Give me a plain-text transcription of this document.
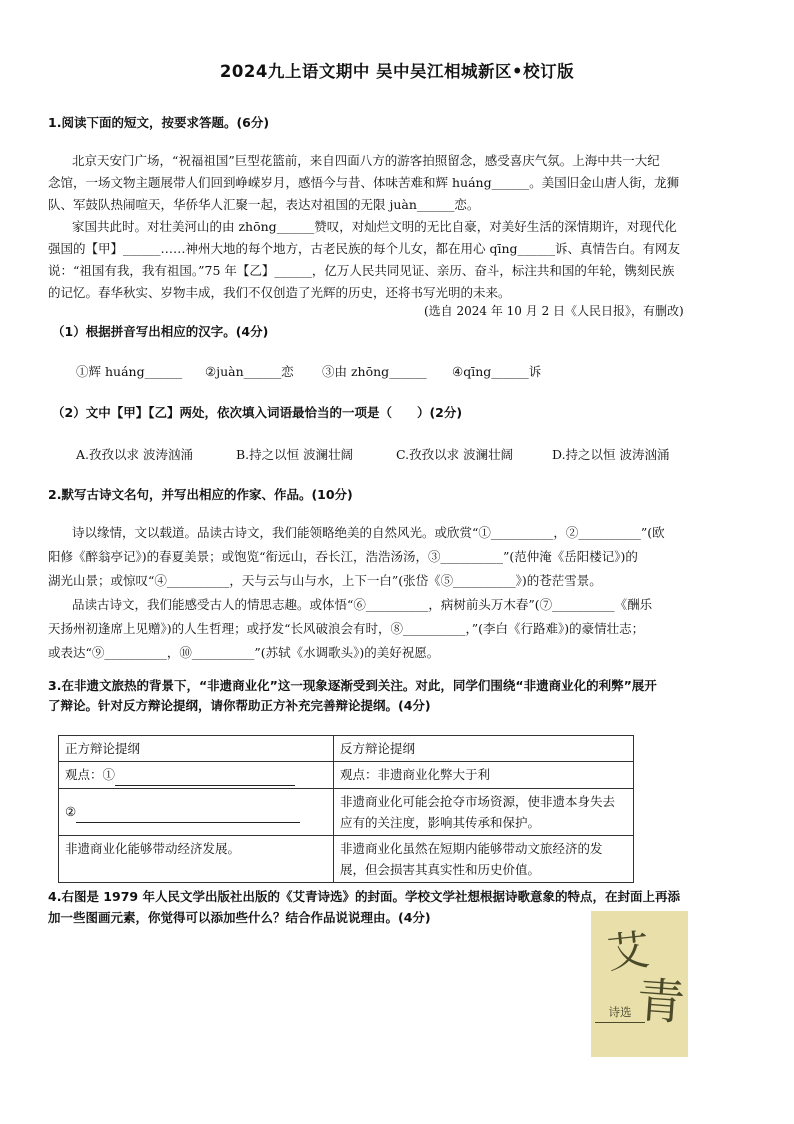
2024九上语文期中 吴中吴江相城新区•校订版
1.阅读下面的短文，按要求答题。(6分)
北京天安门广场，“祝福祖国”巨型花篮前，来自四面八方的游客拍照留念，感受喜庆气氛。上海中共一大纪
念馆，一场文物主题展带人们回到峥嵘岁月，感悟今与昔、体味苦难和辉 huáng______。美国旧金山唐人街，龙狮
队、军鼓队热闹喧天，华侨华人汇聚一起，表达对祖国的无限 juàn______恋。
家国共此时。对壮美河山的由 zhōng______赞叹，对灿烂文明的无比自豪，对美好生活的深情期许，对现代化
强国的【甲】______……神州大地的每个地方，古老民族的每个儿女，都在用心 qīng______诉、真情告白。有网友
说：“祖国有我，我有祖国。”75 年【乙】______，亿万人民共同见证、亲历、奋斗，标注共和国的年轮，镌刻民族
的记忆。春华秋实、岁物丰成，我们不仅创造了光辉的历史，还将书写光明的未来。
(选自 2024 年 10 月 2 日《人民日报》，有删改)
（1）根据拼音写出相应的汉字。(4分)
①辉 huáng______ ②juàn______恋 ③由 zhōng______ ④qīng______诉
（2）文中【甲】【乙】两处，依次填入词语最恰当的一项是（　　）(2分)
A.孜孜以求 波涛汹涌	B.持之以恒 波澜壮阔	C.孜孜以求 波澜壮阔	D.持之以恒 波涛汹涌
2.默写古诗文名句，并写出相应的作家、作品。(10分)
诗以缘情，文以载道。品读古诗文，我们能领略绝美的自然风光。或欣赏“①__________，②__________”(欧
阳修《醉翁亭记》)的春夏美景；或饱览“衔远山，吞长江，浩浩汤汤，③__________”(范仲淹《岳阳楼记》)的
湖光山景；或惊叹“④__________，天与云与山与水，上下一白”(张岱《⑤__________》)的苍茫雪景。
品读古诗文，我们能感受古人的情思志趣。或体悟“⑥__________，病树前头万木春”(⑦__________《酬乐
天扬州初逢席上见赠》)的人生哲理；或抒发“长风破浪会有时，⑧__________，”(李白《行路难》)的豪情壮志；
或表达“⑨__________，⑩__________”(苏轼《水调歌头》)的美好祝愿。
3.在非遗文旅热的背景下，“非遗商业化”这一现象逐渐受到关注。对此，同学们围绕“非遗商业化的利弊”展开
了辩论。针对反方辩论提纲，请你帮助正方补充完善辩论提纲。(4分)
正方辩论提纲	反方辩论提纲
观点：①	观点：非遗商业化弊大于利

②	非遗商业化可能会抢夺市场资源，使非遗本身失去应有的关注度，影响其传承和保护。
非遗商业化能够带动经济发展。	非遗商业化虽然在短期内能够带动文旅经济的发展，但会损害其真实性和历史价值。
4.右图是 1979 年人民文学出版社出版的《艾青诗选》的封面。学校文学社想根据诗歌意象的特点，在封面上再添
加一些图画元素，你觉得可以添加些什么？结合作品说说理由。(4分)
艾
青
诗选
